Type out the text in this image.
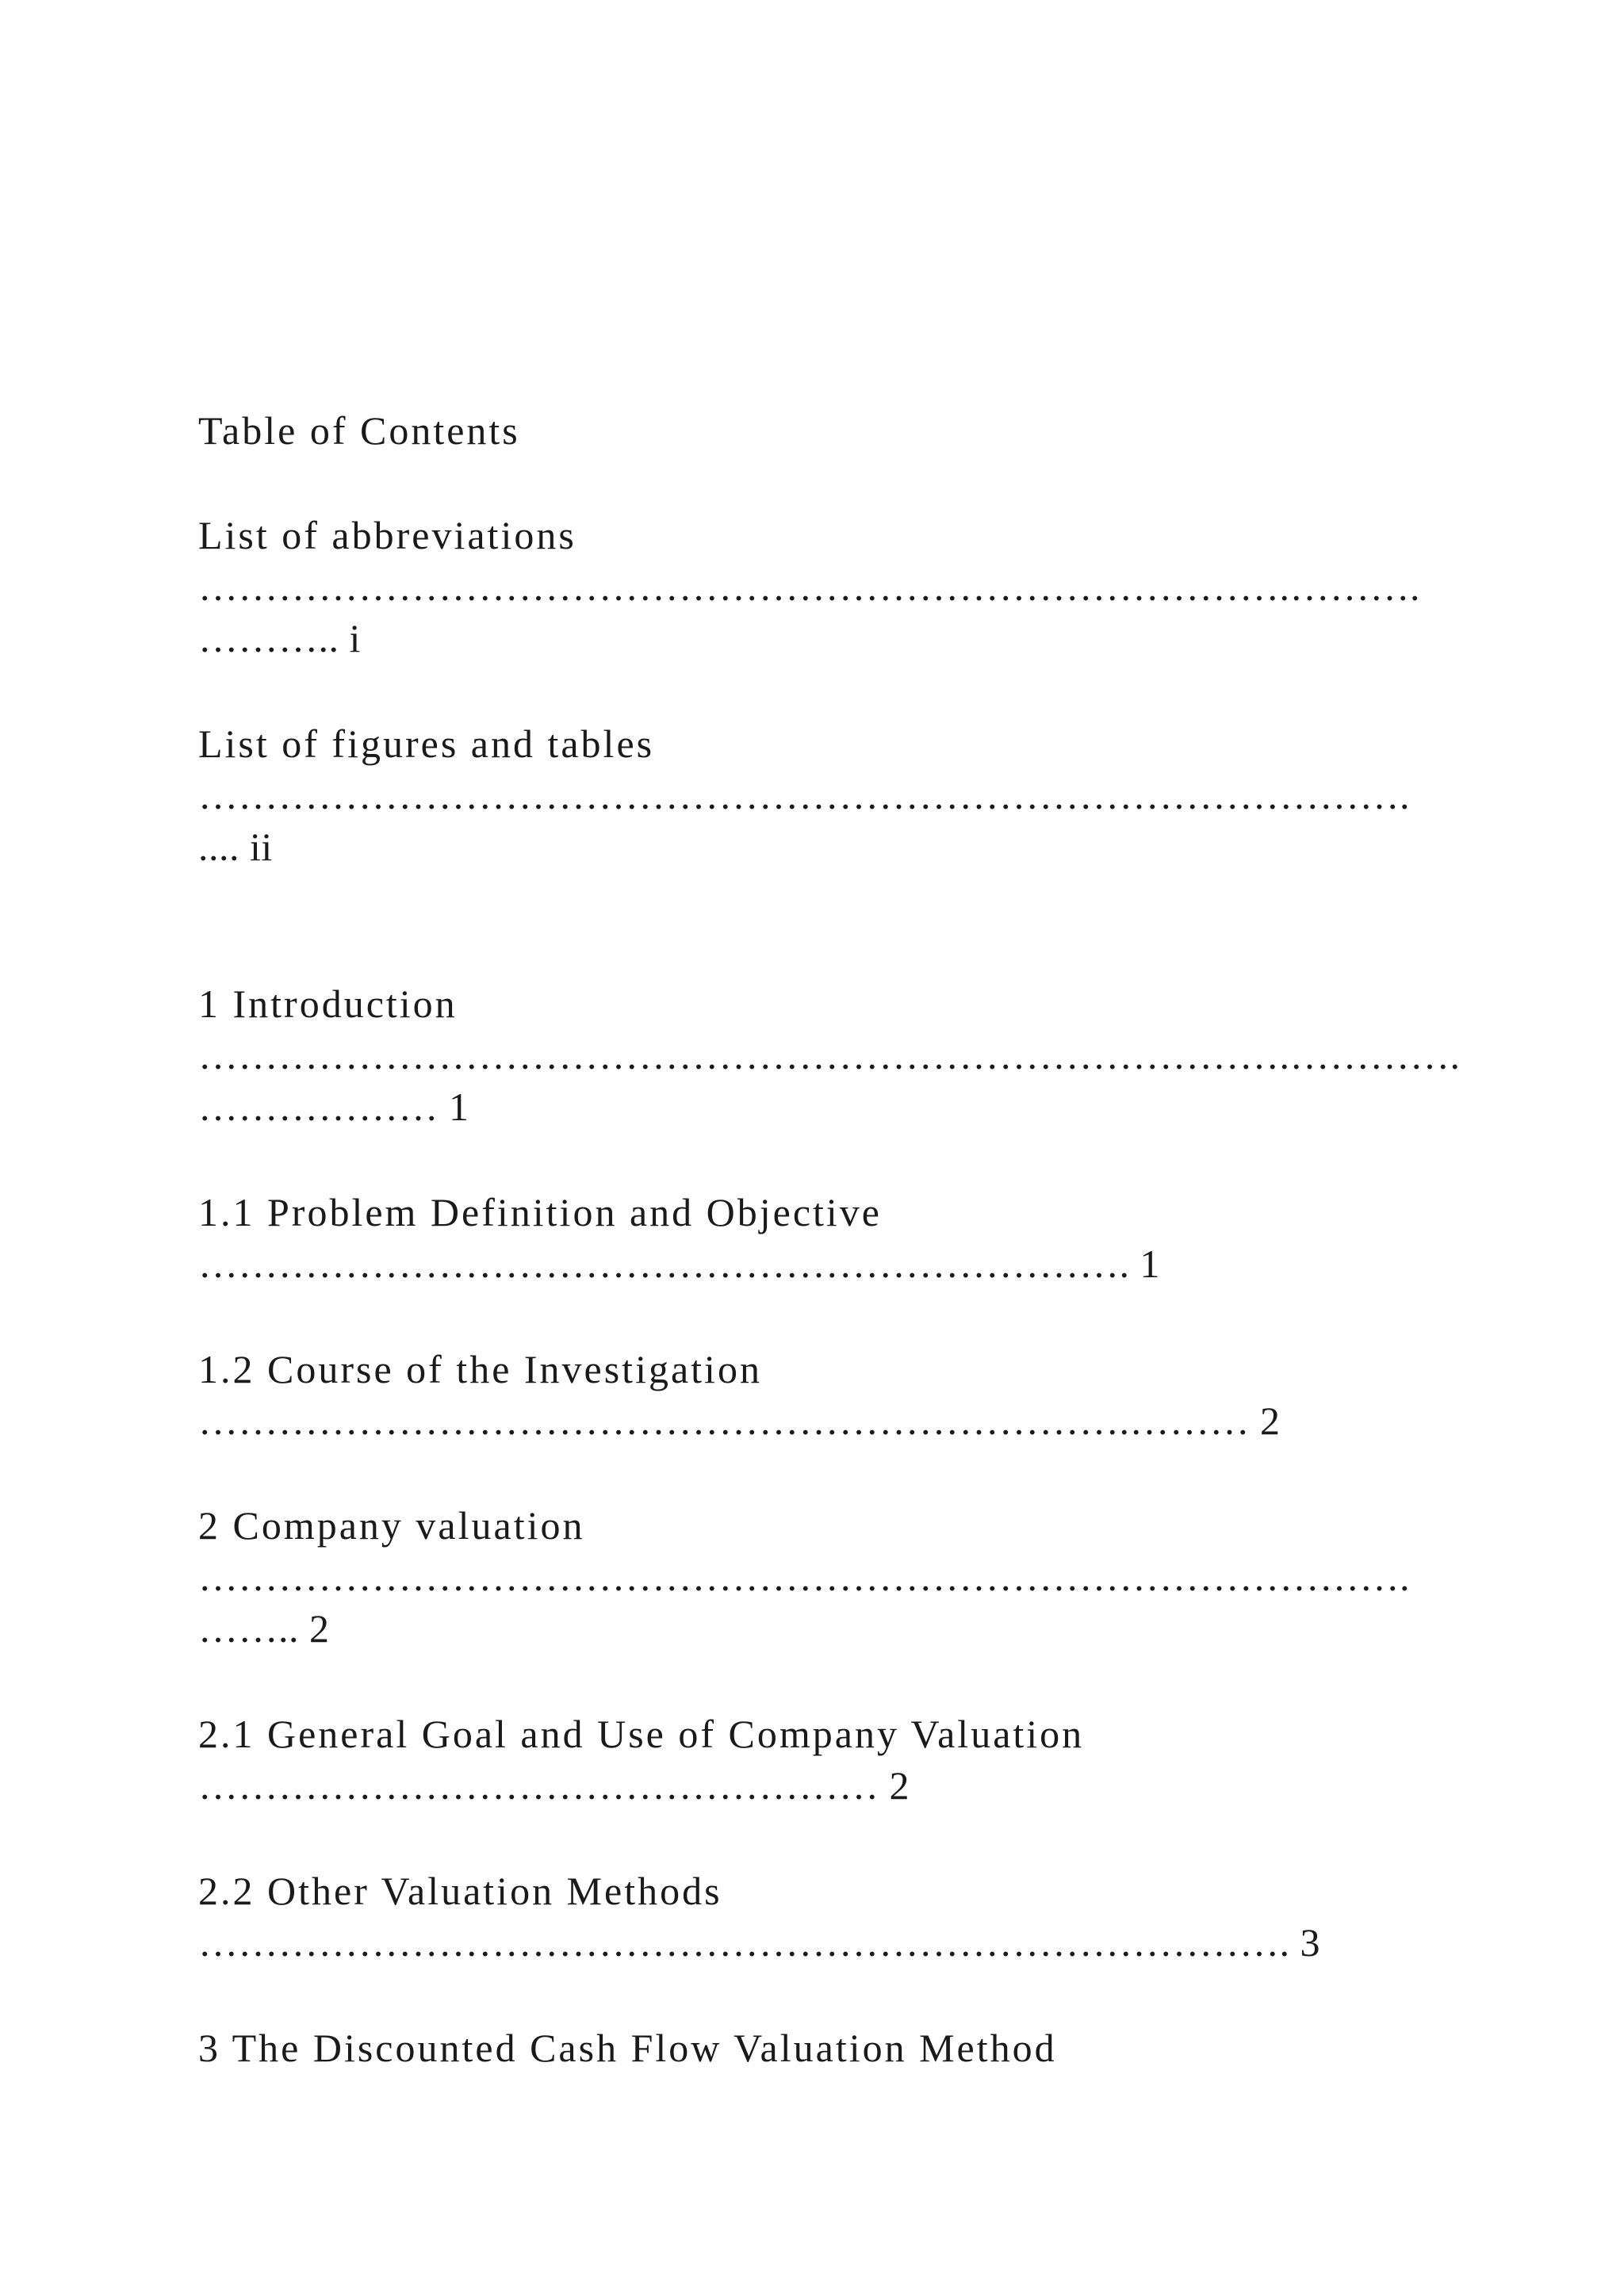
Table of Contents
List of abbreviations
……………………………………………………………………….……….
……….. i
List of figures and tables
……………………………………………………………………………….
.... ii
1 Introduction
……………………………………………………………………….………….
……………… 1
1.1 Problem Definition and Objective
……………………………………………………………. 1
1.2 Course of the Investigation
…………………………………………………………….……… 2
2 Company valuation
……………………………………………………………………………….
…….. 2
2.1 General Goal and Use of Company Valuation
…………………………………………… 2
2.2 Other Valuation Methods
………………………………………………………………………. 3
3 The Discounted Cash Flow Valuation Method
